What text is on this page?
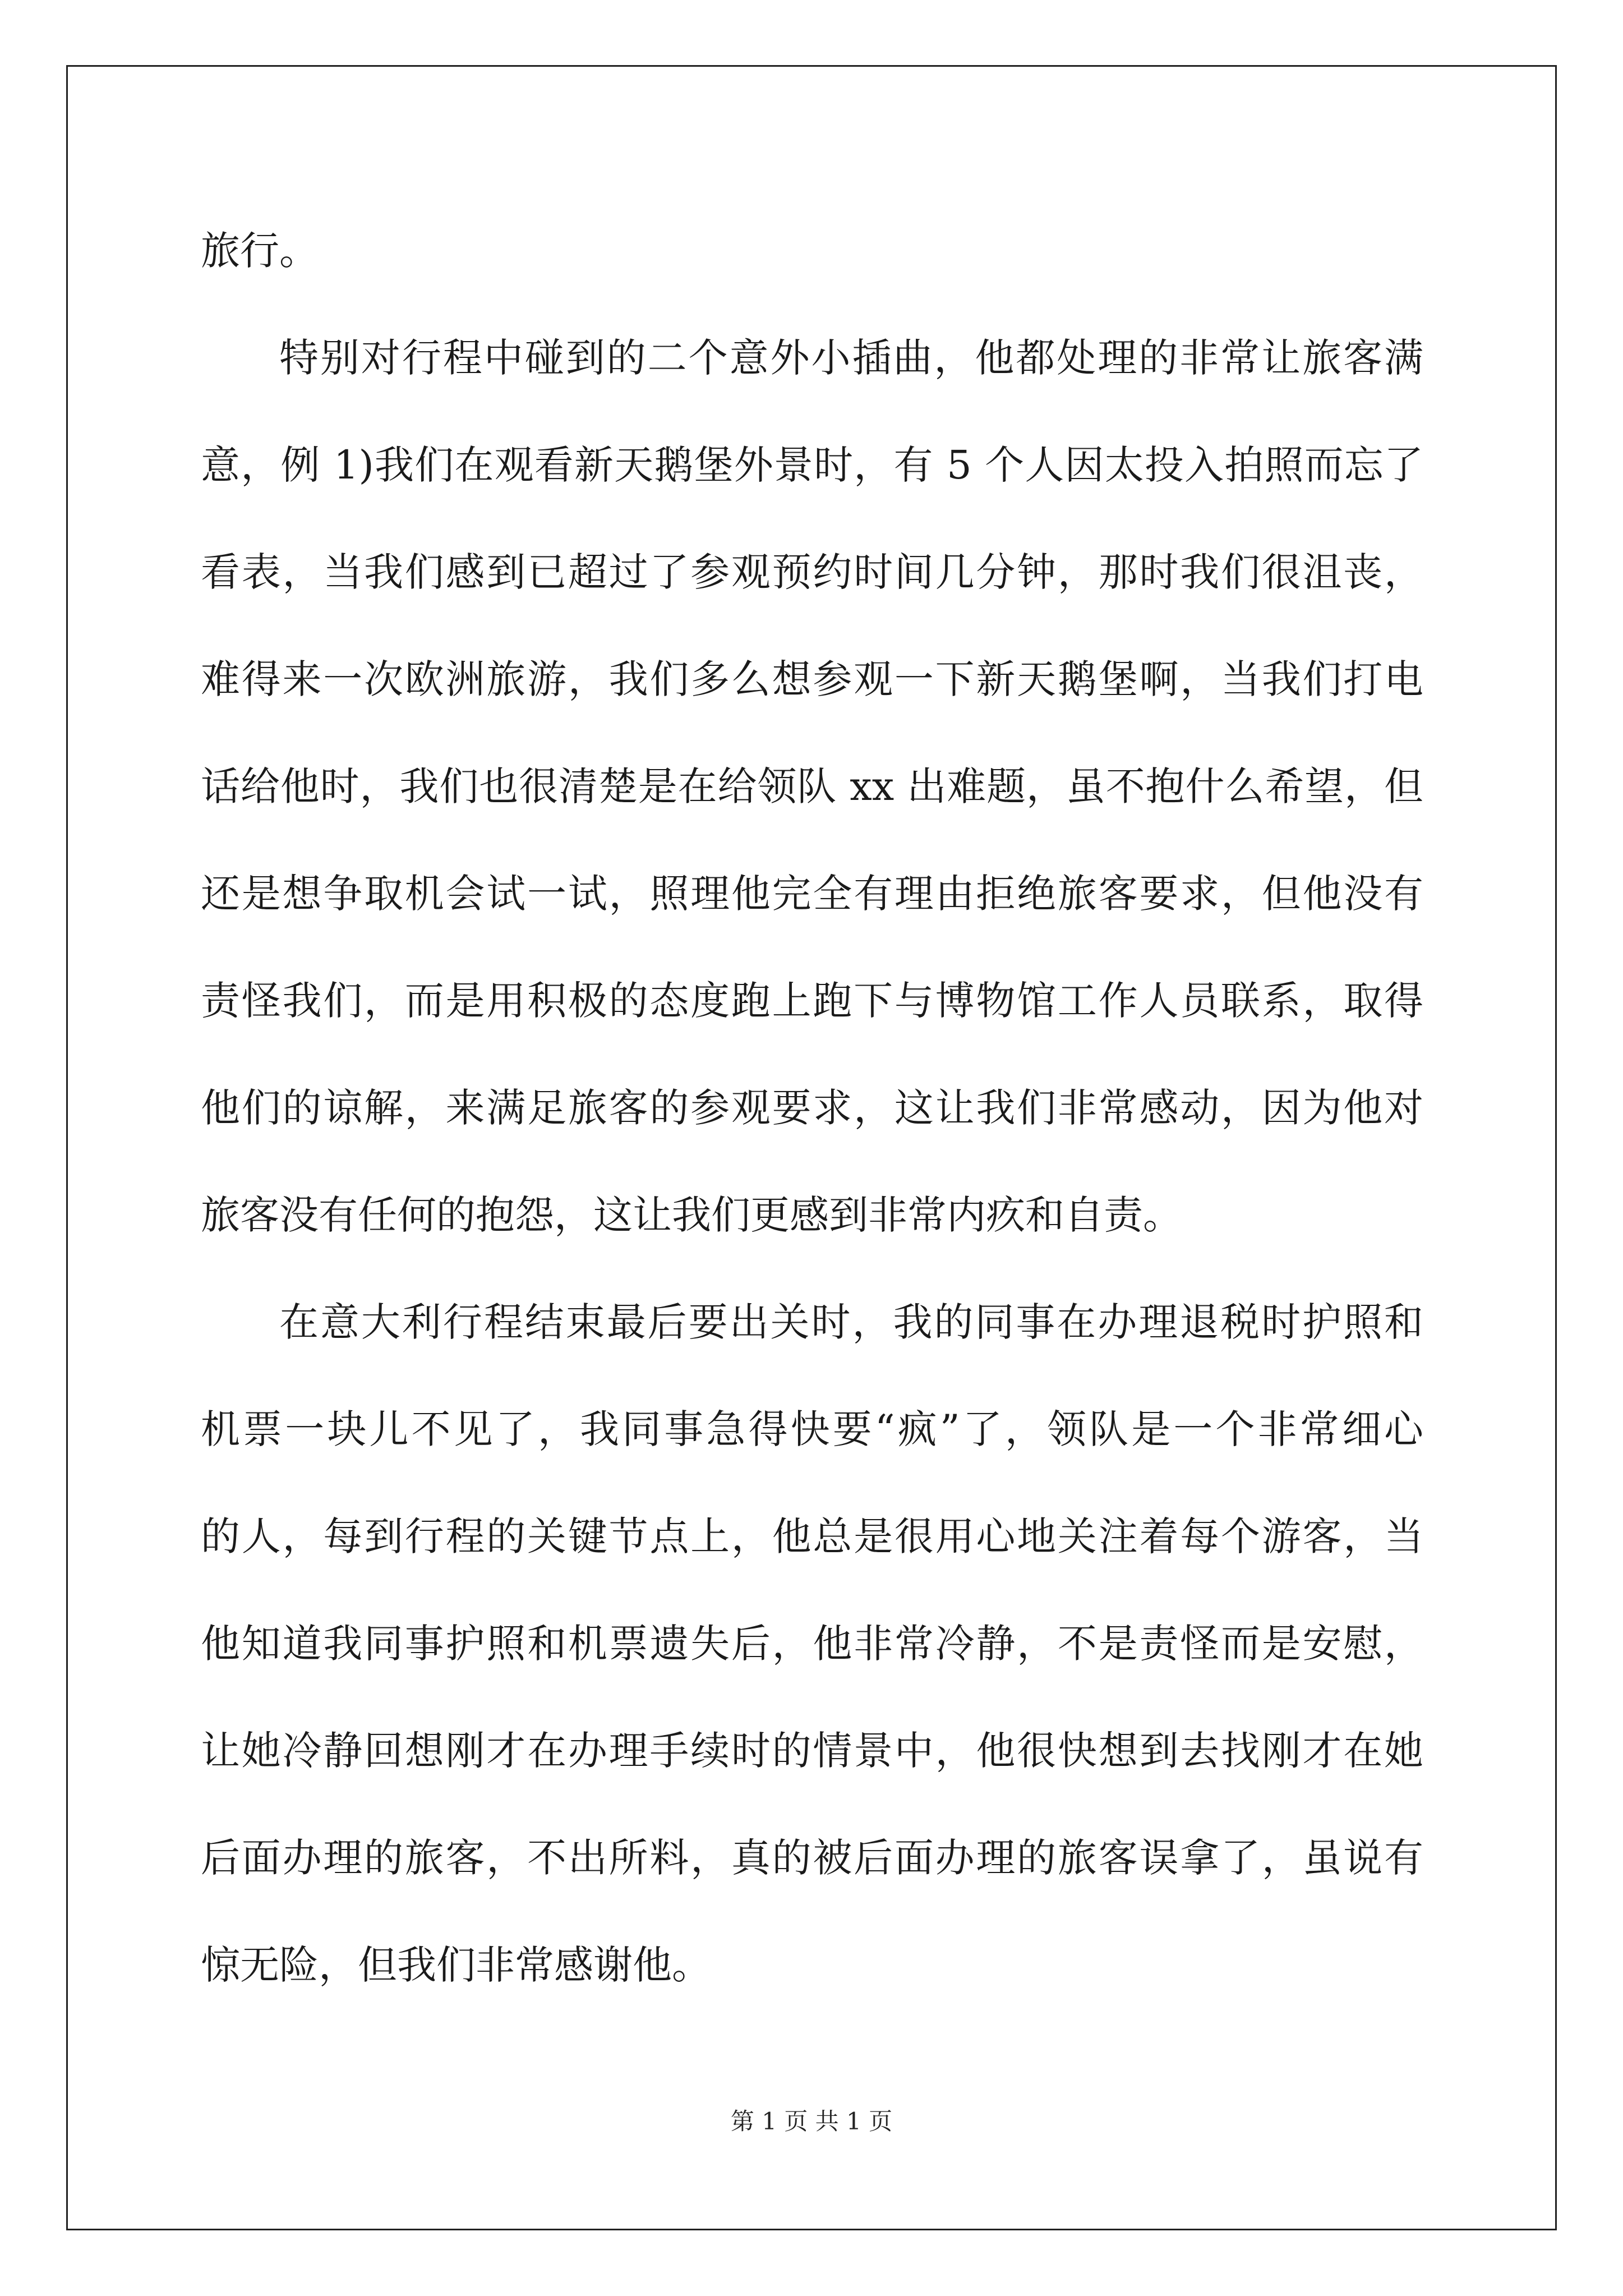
旅行。
特别对行程中碰到的二个意外小插曲，他都处理的非常让旅客满
意，例 1)我们在观看新天鹅堡外景时，有 5 个人因太投入拍照而忘了
看表，当我们感到已超过了参观预约时间几分钟，那时我们很沮丧，
难得来一次欧洲旅游，我们多么想参观一下新天鹅堡啊，当我们打电
话给他时，我们也很清楚是在给领队 xx 出难题，虽不抱什么希望，但
还是想争取机会试一试，照理他完全有理由拒绝旅客要求，但他没有
责怪我们，而是用积极的态度跑上跑下与博物馆工作人员联系，取得
他们的谅解，来满足旅客的参观要求，这让我们非常感动，因为他对
旅客没有任何的抱怨，这让我们更感到非常内疚和自责。
在意大利行程结束最后要出关时，我的同事在办理退税时护照和
机票一块儿不见了，我同事急得快要“疯”了，领队是一个非常细心
的人，每到行程的关键节点上，他总是很用心地关注着每个游客，当
他知道我同事护照和机票遗失后，他非常冷静，不是责怪而是安慰，
让她冷静回想刚才在办理手续时的情景中，他很快想到去找刚才在她
后面办理的旅客，不出所料，真的被后面办理的旅客误拿了，虽说有
惊无险，但我们非常感谢他。
第 1 页 共 1 页
